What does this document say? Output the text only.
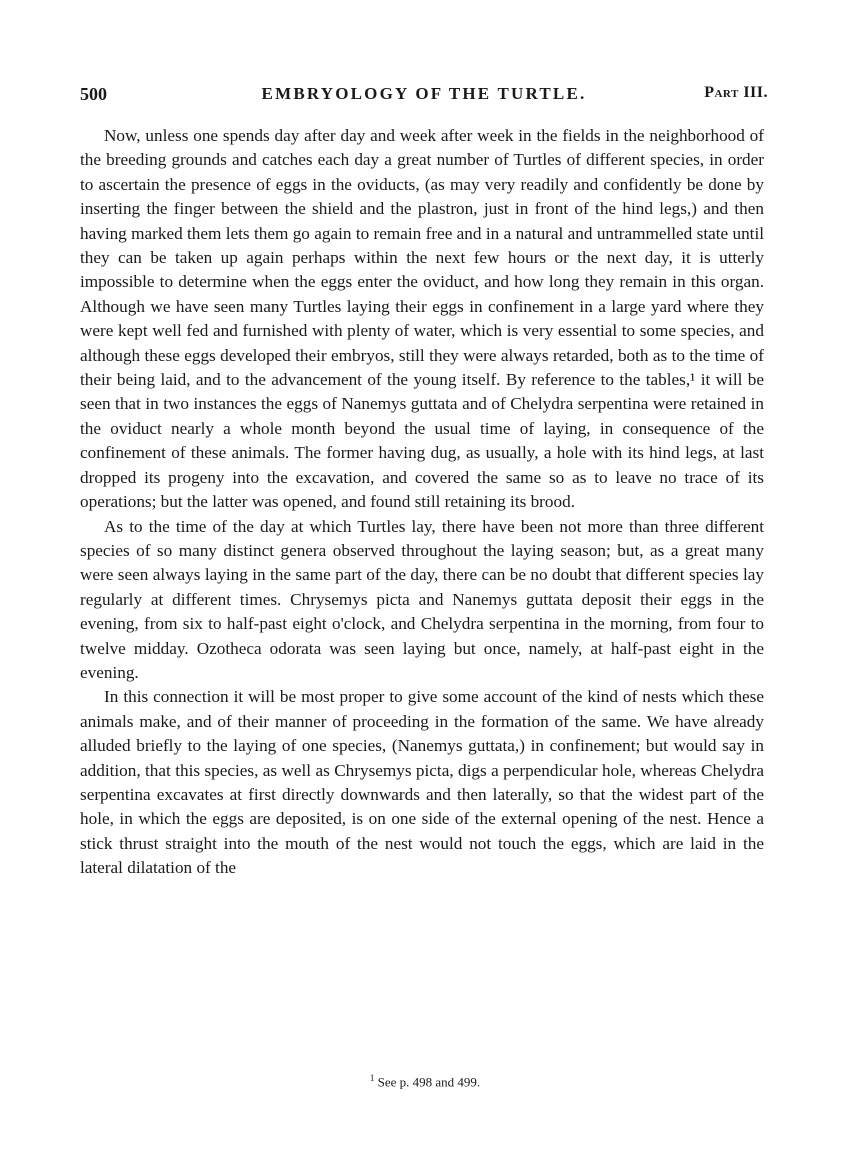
500	EMBRYOLOGY OF THE TURTLE.	Part III.

Now, unless one spends day after day and week after week in the fields in the neighborhood of the breeding grounds and catches each day a great number of Turtles of different species, in order to ascertain the presence of eggs in the oviducts, (as may very readily and confidently be done by inserting the finger between the shield and the plastron, just in front of the hind legs,) and then having marked them lets them go again to remain free and in a natural and untrammelled state until they can be taken up again perhaps within the next few hours or the next day, it is utterly impossible to determine when the eggs enter the oviduct, and how long they remain in this organ. Although we have seen many Turtles laying their eggs in confinement in a large yard where they were kept well fed and furnished with plenty of water, which is very essential to some species, and although these eggs developed their embryos, still they were always retarded, both as to the time of their being laid, and to the advancement of the young itself. By reference to the tables,¹ it will be seen that in two instances the eggs of Nanemys guttata and of Chelydra serpentina were retained in the oviduct nearly a whole month beyond the usual time of laying, in consequence of the confinement of these animals. The former having dug, as usually, a hole with its hind legs, at last dropped its progeny into the excavation, and covered the same so as to leave no trace of its operations; but the latter was opened, and found still retaining its brood.

As to the time of the day at which Turtles lay, there have been not more than three different species of so many distinct genera observed throughout the laying season; but, as a great many were seen always laying in the same part of the day, there can be no doubt that different species lay regularly at different times. Chrysemys picta and Nanemys guttata deposit their eggs in the evening, from six to half-past eight o'clock, and Chelydra serpentina in the morning, from four to twelve midday. Ozotheca odorata was seen laying but once, namely, at half-past eight in the evening.

In this connection it will be most proper to give some account of the kind of nests which these animals make, and of their manner of proceeding in the formation of the same. We have already alluded briefly to the laying of one species, (Nanemys guttata,) in confinement; but would say in addition, that this species, as well as Chrysemys picta, digs a perpendicular hole, whereas Chelydra serpentina excavates at first directly downwards and then laterally, so that the widest part of the hole, in which the eggs are deposited, is on one side of the external opening of the nest. Hence a stick thrust straight into the mouth of the nest would not touch the eggs, which are laid in the lateral dilatation of the

$^1$ See p. 498 and 499.
